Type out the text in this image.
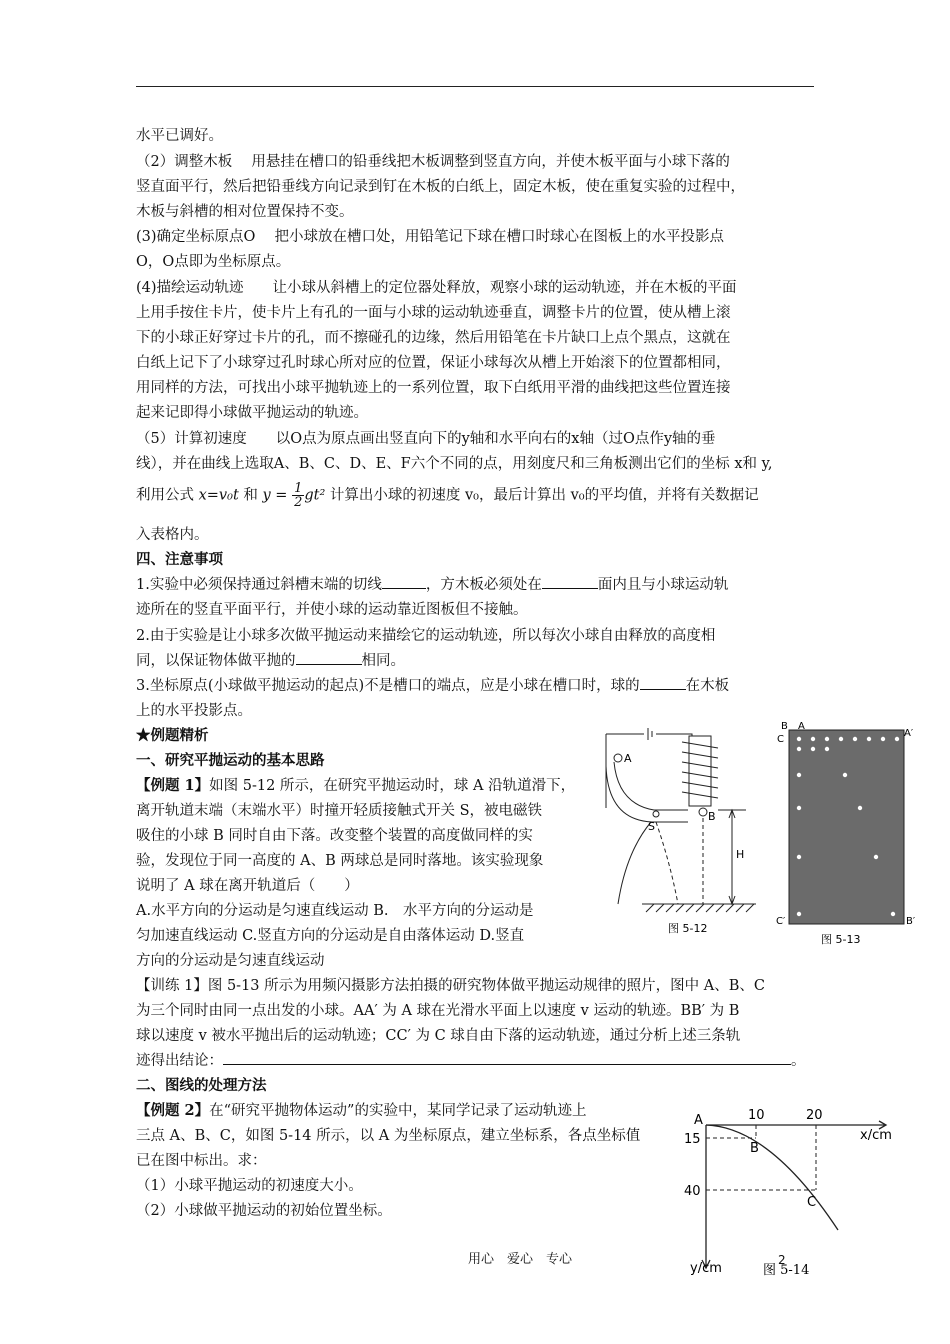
水平已调好。
（2）调整木板　 用悬挂在槽口的铅垂线把木板调整到竖直方向，并使木板平面与小球下落的
竖直面平行，然后把铅垂线方向记录到钉在木板的白纸上，固定木板，使在重复实验的过程中，
木板与斜槽的相对位置保持不变。
(3)确定坐标原点O　 把小球放在槽口处，用铅笔记下球在槽口时球心在图板上的水平投影点
O，O点即为坐标原点。
(4)描绘运动轨迹　　让小球从斜槽上的定位器处释放，观察小球的运动轨迹，并在木板的平面
上用手按住卡片，使卡片上有孔的一面与小球的运动轨迹垂直，调整卡片的位置，使从槽上滚
下的小球正好穿过卡片的孔，而不擦碰孔的边缘，然后用铅笔在卡片缺口上点个黑点，这就在
白纸上记下了小球穿过孔时球心所对应的位置，保证小球每次从槽上开始滚下的位置都相同，
用同样的方法，可找出小球平抛轨迹上的一系列位置，取下白纸用平滑的曲线把这些位置连接
起来记即得小球做平抛运动的轨迹。
（5）计算初速度　　以O点为原点画出竖直向下的y轴和水平向右的x轴（过O点作y轴的垂
线），并在曲线上选取A、B、C、D、E、F六个不同的点，用刻度尺和三角板测出它们的坐标 x和 y,
利用公式 x=v₀t 和 $y = \frac{1}{2} gt^2$ 计算出小球的初速度 v₀，最后计算出 v₀的平均值，并将有关数据记
入表格内。
四、注意事项
1.实验中必须保持通过斜槽末端的切线	，方木板必须处在	面内且与小球运动轨
迹所在的竖直平面平行，并使小球的运动靠近图板但不接触。
2.由于实验是让小球多次做平抛运动来描绘它的运动轨迹，所以每次小球自由释放的高度相
同，以保证物体做平抛的	相同。
3.坐标原点(小球做平抛运动的起点)不是槽口的端点，应是小球在槽口时，球的	在木板
上的水平投影点。
★例题精析
一、研究平抛运动的基本思路
【例题 1】如图 5-12 所示，在研究平抛运动时，球 A 沿轨道滑下，
离开轨道末端（末端水平）时撞开轻质接触式开关 S，被电磁铁
吸住的小球 B 同时自由下落。改变整个装置的高度做同样的实
验，发现位于同一高度的 A、B 两球总是同时落地。该实验现象
说明了 A 球在离开轨道后（　　）
A.水平方向的分运动是匀速直线运动 B.　水平方向的分运动是
匀加速直线运动 C.竖直方向的分运动是自由落体运动 D.竖直
方向的分运动是匀速直线运动
【训练 1】图 5-13 所示为用频闪摄影方法拍摄的研究物体做平抛运动规律的照片，图中 A、B、C
为三个同时由同一点出发的小球。AA′ 为 A 球在光滑水平面上以速度 v 运动的轨迹。BB′ 为 B
球以速度 v 被水平抛出后的运动轨迹；CC′ 为 C 球自由下落的运动轨迹，通过分析上述三条轨
迹得出结论：	。
二、图线的处理方法
【例题 2】在“研究平抛物体运动”的实验中，某同学记录了运动轨迹上
三点 A、B、C，如图 5-14 所示，以 A 为坐标原点，建立坐标系，各点坐标值
已在图中标出。求：
（1）小球平抛运动的初速度大小。
（2）小球做平抛运动的初始位置坐标。
A
S
B
H
图 5-12
B A
C
A′
C′	B′
图 5-13
A	10	20
15
B
40
C
x/cm
y/cm	图 5-14
用心　爱心　专心	2
